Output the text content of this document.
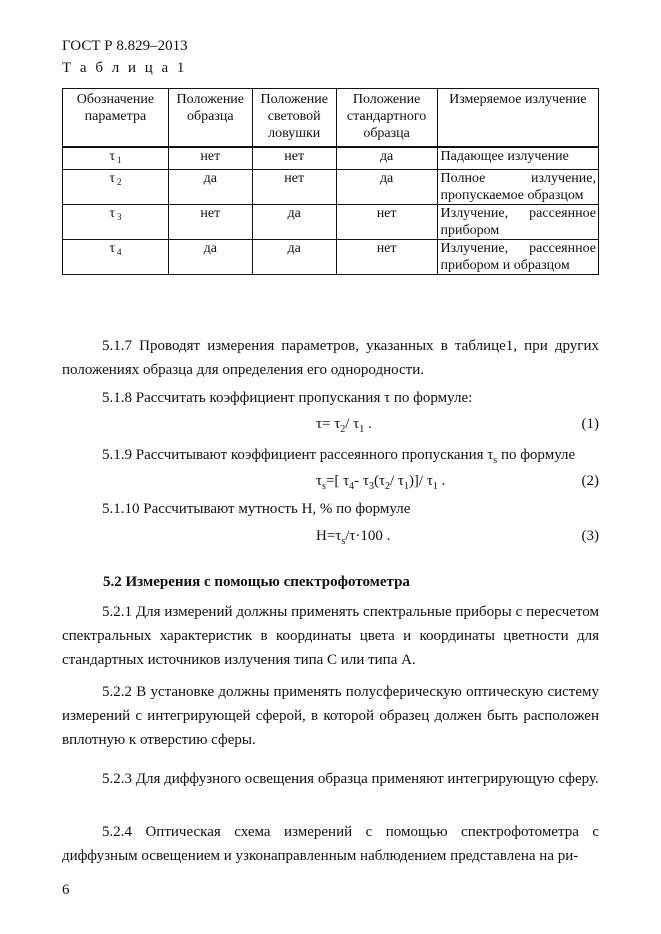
ГОСТ Р 8.829–2013
Т а б л и ц а 1
Обозначение параметра	Положение образца	Положение световой ловушки	Положение стандартного образца	Измеряемое излучение
τ $_1$	нет	нет	да	Падающее излучение
τ $_2$	да	нет	да	Полное излучение, пропускаемое образцом
τ $_3$	нет	да	нет	Излучение, рассеянное прибором
τ $_4$	да	да	нет	Излучение, рассеянное прибором и образцом
5.1.7 Проводят измерения параметров, указанных в таблице1, при других положениях образца для определения его однородности.
5.1.8 Рассчитать коэффициент пропускания τ по формуле:
$\tau= \tau_2/$ $\tau_1$ .	(1)
5.1.9 Рассчитывают коэффициент рассеянного пропускания $\tau_s$ по формуле
$\tau_s=$[ $\tau_4-$ $\tau_3(\tau_2/$ $\tau_1)]/$ $\tau_1$ .	(2)
5.1.10 Рассчитывают мутность Н, % по формуле
$Н=\tau_s/\tau\cdot 100$ .	(3)
5.2 Измерения с помощью спектрофотометра
5.2.1 Для измерений должны применять спектральные приборы с пересчетом спектральных характеристик в координаты цвета и координаты цветности для стандартных источников излучения типа С или типа А.
5.2.2 В установке должны применять полусферическую оптическую систему измерений с интегрирующей сферой, в которой образец должен быть расположен вплотную к отверстию сферы.
5.2.3 Для диффузного освещения образца применяют интегрирующую сферу.
5.2.4 Оптическая схема измерений с помощью спектрофотометра с диффузным освещением и узконаправленным наблюдением представлена на ри-
6
